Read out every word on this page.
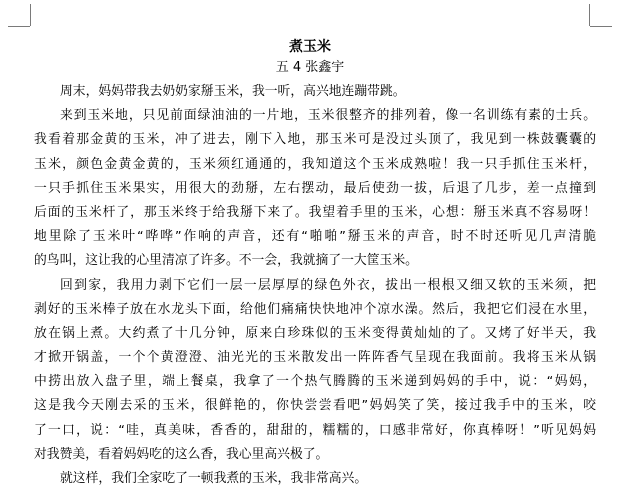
煮玉米
五 4 张鑫宇
周末，妈妈带我去奶奶家掰玉米，我一听，高兴地连蹦带跳。
来到玉米地，只见前面绿油油的一片地，玉米很整齐的排列着，像一名训练有素的士兵。
我看着那金黄的玉米，冲了进去，刚下入地，那玉米可是没过头顶了，我见到一株鼓囊囊的
玉米，颜色金黄金黄的，玉米须红通通的，我知道这个玉米成熟啦！我一只手抓住玉米杆，
一只手抓住玉米果实，用很大的劲掰，左右摆动，最后使劲一拔，后退了几步，差一点撞到
后面的玉米杆了，那玉米终于给我掰下来了。我望着手里的玉米，心想：掰玉米真不容易呀！
地里除了玉米叶“哗哗”作响的声音，还有“啪啪”掰玉米的声音，时不时还听见几声清脆
的鸟叫，这让我的心里清凉了许多。不一会，我就摘了一大筐玉米。
回到家，我用力剥下它们一层一层厚厚的绿色外衣，拔出一根根又细又软的玉米须，把
剥好的玉米棒子放在水龙头下面，给他们痛痛快快地冲个凉水澡。然后，我把它们浸在水里，
放在锅上煮。大约煮了十几分钟，原来白珍珠似的玉米变得黄灿灿的了。又烤了好半天，我
才掀开锅盖，一个个黄澄澄、油光光的玉米散发出一阵阵香气呈现在我面前。我将玉米从锅
中捞出放入盘子里，端上餐桌，我拿了一个热气腾腾的玉米递到妈妈的手中，说：“妈妈，
这是我今天刚去采的玉米，很鲜艳的，你快尝尝看吧”妈妈笑了笑，接过我手中的玉米，咬
了一口，说：“哇，真美味，香香的，甜甜的，糯糯的，口感非常好，你真棒呀！”听见妈妈
对我赞美，看着妈妈吃的这么香，我心里高兴极了。
就这样，我们全家吃了一顿我煮的玉米，我非常高兴。
